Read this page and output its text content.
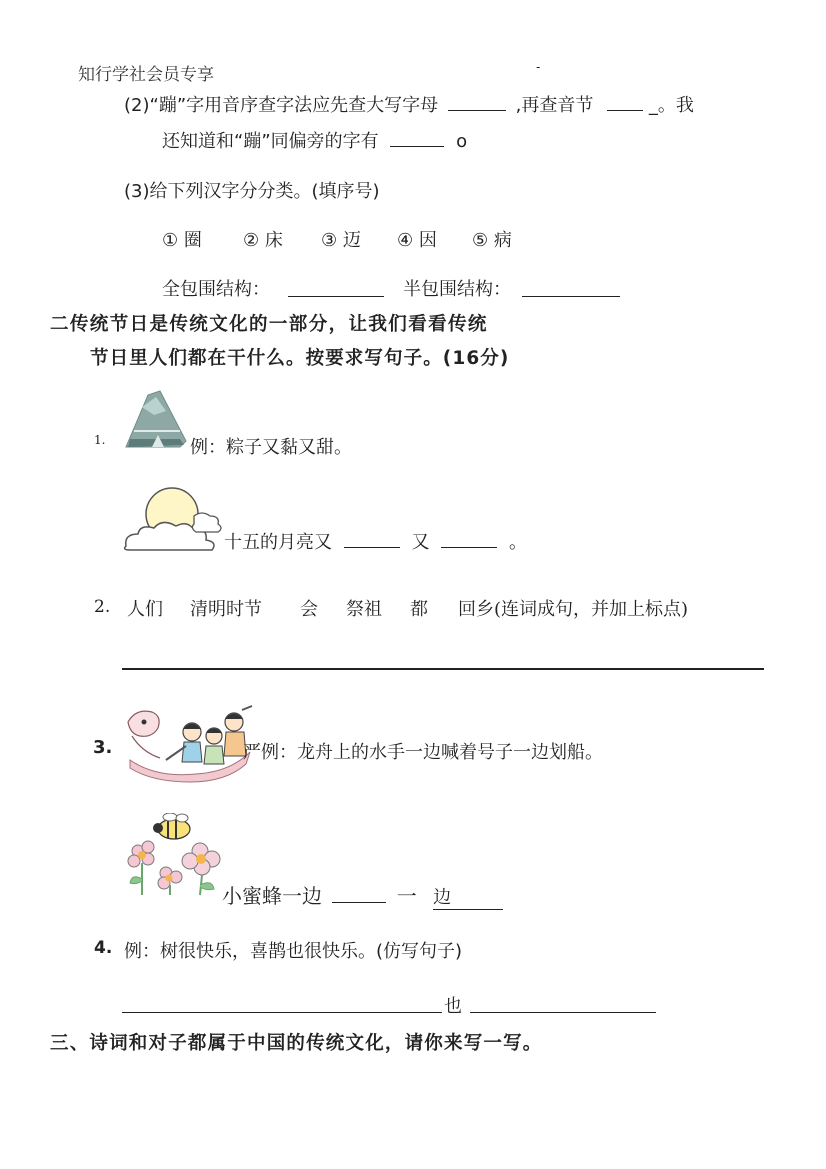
知行学社会员专享	-
(2)“蹦”字用音序查字法应先查大写字母	,再查音节	_。我
还知道和“蹦”同偏旁的字有	o
(3)给下列汉字分分类。(填序号)
① 圈 ② 床 ③ 迈 ④ 因 ⑤ 病
全包围结构：	半包围结构：
二传统节日是传统文化的一部分，让我们看看传统
节日里人们都在干什么。按要求写句子。(16分)
1.	例：粽子又黏又甜。
十五的月亮又	又	。
2. 人们 清明时节 会 祭祖 都 回乡(连词成句，并加上标点)
3.	严例：龙舟上的水手一边喊着号子一边划船。
小蜜蜂一边	一 边
4. 例：树很快乐，喜鹊也很快乐。(仿写句子)
也
三、诗词和对子都属于中国的传统文化，请你来写一写。
